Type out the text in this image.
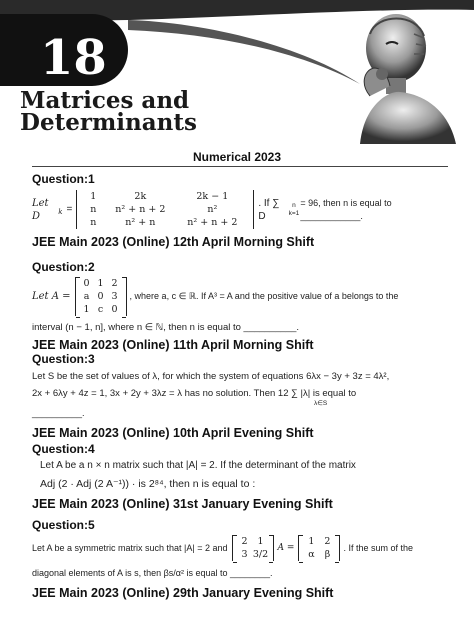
18
Matrices and
Determinants
Numerical 2023

Question:1

Let D	k =
1	2k	2k − 1
n	n² + n + 2	n²
n	n² + n	n² + n + 2
. If ∑ D
n
k=1
= 96, then n is equal to ____________.
JEE Main 2023 (Online) 12th April Morning Shift

Question:2

Let A =
0 1 2
a 0 3
1 c 0
, where a, c ∈ ℝ. If A³ = A and the positive value of a belongs to the
interval (n − 1, n], where n ∈ ℕ, then n is equal to __________.
JEE Main 2023 (Online) 11th April Morning Shift

Question:3

Let S be the set of values of λ, for which the system of equations 6λx − 3y + 3z = 4λ²,
2x + 6λy + 4z = 1, 3x + 2y + 3λz = λ has no solution. Then 12 ∑ |λ| is equal to
λ∈S
__________.
JEE Main 2023 (Online) 10th April Evening Shift

Question:4

Let A be a n × n matrix such that |A| = 2. If the determinant of the matrix
Adj (2 · Adj (2 A⁻¹)) · is 2⁸⁴, then n is equal to :
JEE Main 2023 (Online) 31st January Evening Shift

Question:5

Let A be a symmetric matrix such that |A| = 2 and
2	1
3 3/2
A =
1	2
α	β
. If the sum of the
diagonal elements of A is s, then βs/α² is equal to ________.
JEE Main 2023 (Online) 29th January Evening Shift
